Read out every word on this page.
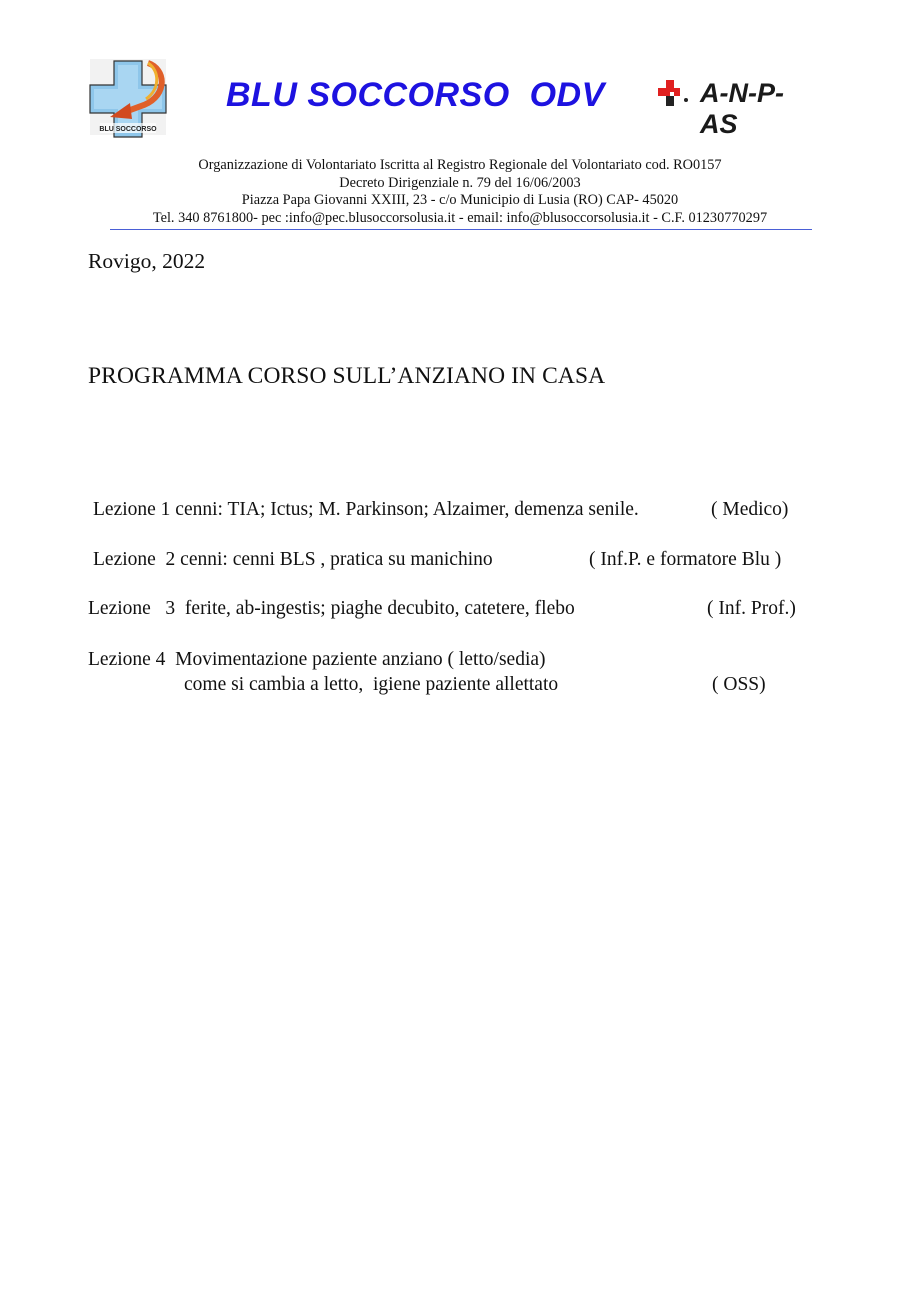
BLU SOCCORSO
BLU SOCCORSO  ODV	A-N-P-AS
Organizzazione di Volontariato Iscritta al Registro Regionale del Volontariato cod. RO0157
Decreto Dirigenziale n. 79 del 16/06/2003
Piazza Papa Giovanni XXIII, 23 - c/o Municipio di Lusia (RO) CAP- 45020
Tel. 340 8761800- pec :info@pec.blusoccorsolusia.it - email: info@blusoccorsolusia.it - C.F. 01230770297
Rovigo, 2022
PROGRAMMA CORSO SULL’ANZIANO IN CASA
Lezione 1 cenni: TIA; Ictus; M. Parkinson; Alzaimer, demenza senile.	( Medico)
Lezione  2 cenni: cenni BLS , pratica su manichino	( Inf.P. e formatore Blu )
Lezione   3  ferite, ab-ingestis; piaghe decubito, catetere, flebo	( Inf. Prof.)
Lezione 4  Movimentazione paziente anziano ( letto/sedia)
come si cambia a letto,  igiene paziente allettato	( OSS)
